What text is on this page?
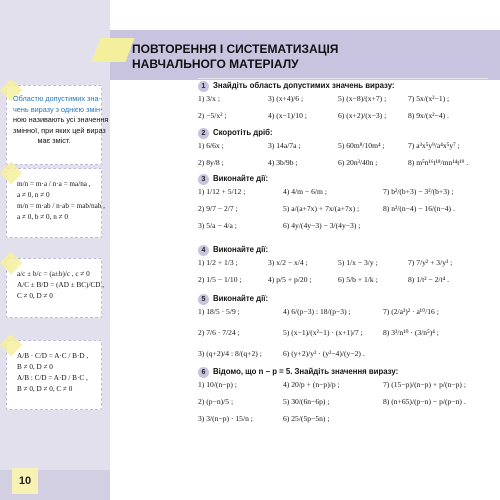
10
ПОВТОРЕННЯ І СИСТЕМАТИЗАЦІЯ
НАВЧАЛЬНОГО МАТЕРІАЛУ
Областю допустимих зна-
чень виразу з однією змін-
ною називають усі значення
змінної, при яких цей вираз
має зміст.
m/n = m·a / n·a = ma/na ,
a ≠ 0, n ≠ 0
m/n = m·ab / n·ab = mab/nab ,
a ≠ 0, b ≠ 0, n ≠ 0
a/c ± b/c = (a±b)/c , c ≠ 0
A/C ± B/D = (AD ± BC)/CD ,
C ≠ 0, D ≠ 0
A/B · C/D = A·C / B·D ,
B ≠ 0, D ≠ 0
A/B : C/D = A·D / B·C ,
B ≠ 0, D ≠ 0, C ≠ 0
1 Знайдіть область допустимих значень виразу:
1) 3/x ;	3) (x+4)/6 ;	5) (x−8)/(x+7) ;	7) 5x/(x²−1) ;
2) −5/x² ;	4) (x−1)/10 ;	6) (x+2)/(x−3) ;	8) 9x/(x²−4) .
2 Скоротіть дріб:
1) 6/6x ;	3) 14a/7a ;	5) 60m⁸/10m⁴ ;	7) a³x⁵y⁹/a⁴x⁵y⁷ ;
2) 8y/8 ;	4) 3b/9b ;	6) 20n³/40n ;	8) m⁵n¹⁶t¹⁸/mn¹⁴t¹⁹ .
3 Виконайте дії:
1) 1/12 + 5/12 ;	4) 4/m − 6/m ;	7) b²/(b+3) − 3²/(b+3) ;
2) 9/7 − 2/7 ;	5) a/(a+7x) + 7x/(a+7x) ;	8) n²/(n−4) − 16/(n−4) .
3) 5/a − 4/a ;	6) 4y/(4y−3) − 3/(4y−3) ;
4 Виконайте дії:
1) 1/2 + 1/3 ;	3) x/2 − x/4 ;	5) 1/x − 3/y ;	7) 7/y² + 3/y³ ;
2) 1/5 − 1/10 ;	4) p/5 + p/20 ;	6) 5/b + 1/k ;	8) 1/t² − 2/t⁴ .
5 Виконайте дії:
1) 18/5 · 5/9 ;	4) 6/(p−3) : 18/(p−3) ;	7) (2/a³)² · a¹⁰/16 ;
2) 7/6 · 7/24 ;	5) (x−1)/(x²−1) · (x+1)/7 ;	8) 3³/n¹⁰ · (3/n⁵)⁴ ;
3) (q+2)/4 : 8/(q+2) ;	6) (y+2)/y² · (y²−4)/(y−2) .
6 Відомо, що n − p = 5. Знайдіть значення виразу:
1) 10/(n−p) ;	4) 20/p + (n−p)/p ;	7) (15−p)/(n−p) + p/(n−p) ;
2) (p−n)/5 ;	5) 30/(6n−6p) ;	8) (n+65)/(p−n) − p/(p−n) .
3) 3/(n−p) · 15/n ;	6) 25/(5p−5n) ;
